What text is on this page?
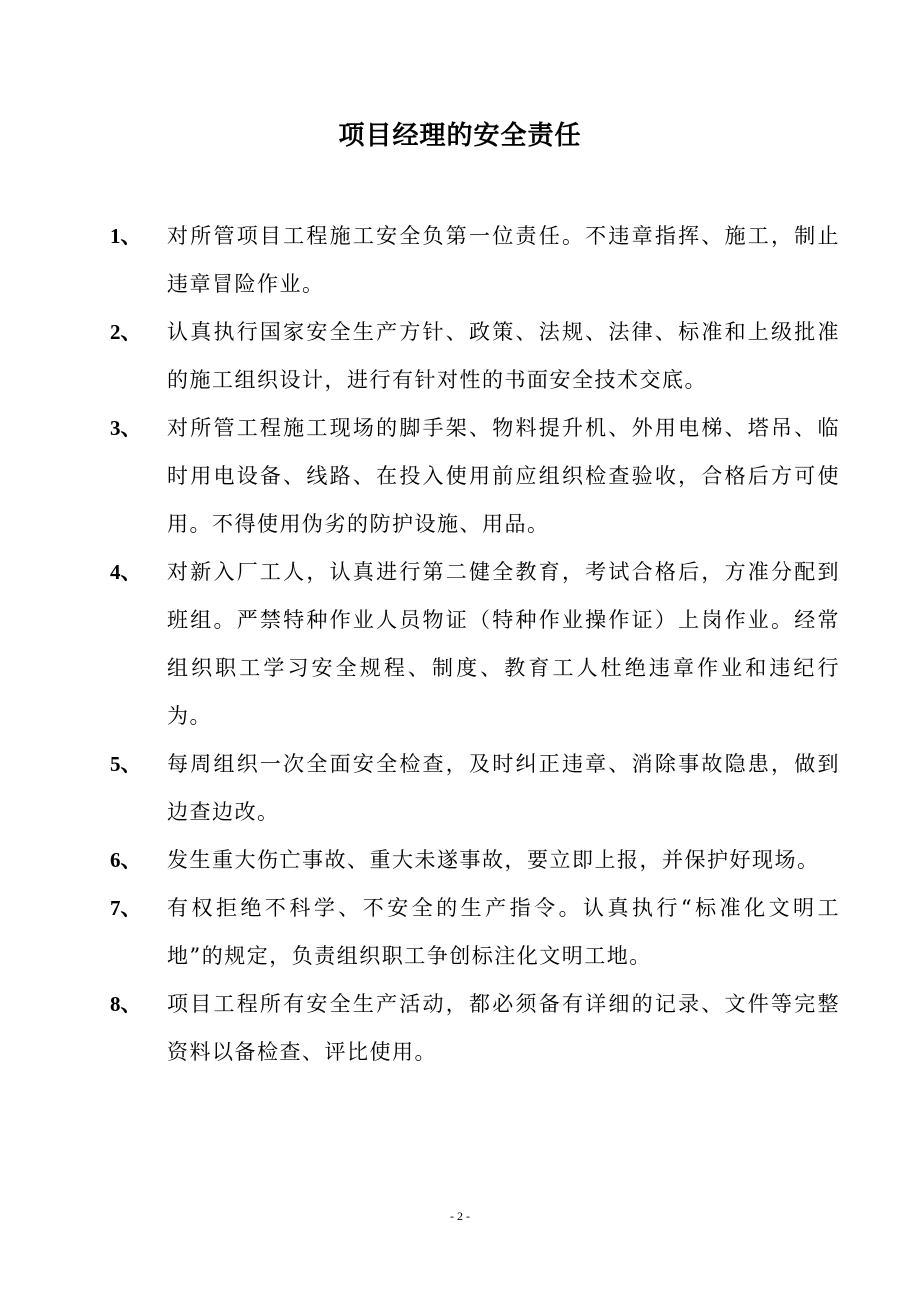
项目经理的安全责任
1、 对所管项目工程施工安全负第一位责任。不违章指挥、施工，制止违章冒险作业。
2、 认真执行国家安全生产方针、政策、法规、法律、标准和上级批准的施工组织设计，进行有针对性的书面安全技术交底。
3、 对所管工程施工现场的脚手架、物料提升机、外用电梯、塔吊、临时用电设备、线路、在投入使用前应组织检查验收，合格后方可使用。不得使用伪劣的防护设施、用品。
4、 对新入厂工人，认真进行第二健全教育，考试合格后，方准分配到班组。严禁特种作业人员物证（特种作业操作证）上岗作业。经常组织职工学习安全规程、制度、教育工人杜绝违章作业和违纪行为。
5、 每周组织一次全面安全检查，及时纠正违章、消除事故隐患，做到边查边改。
6、 发生重大伤亡事故、重大未遂事故，要立即上报，并保护好现场。
7、 有权拒绝不科学、不安全的生产指令。认真执行“标准化文明工地”的规定，负责组织职工争创标注化文明工地。
8、 项目工程所有安全生产活动，都必须备有详细的记录、文件等完整资料以备检查、评比使用。
- 2 -
